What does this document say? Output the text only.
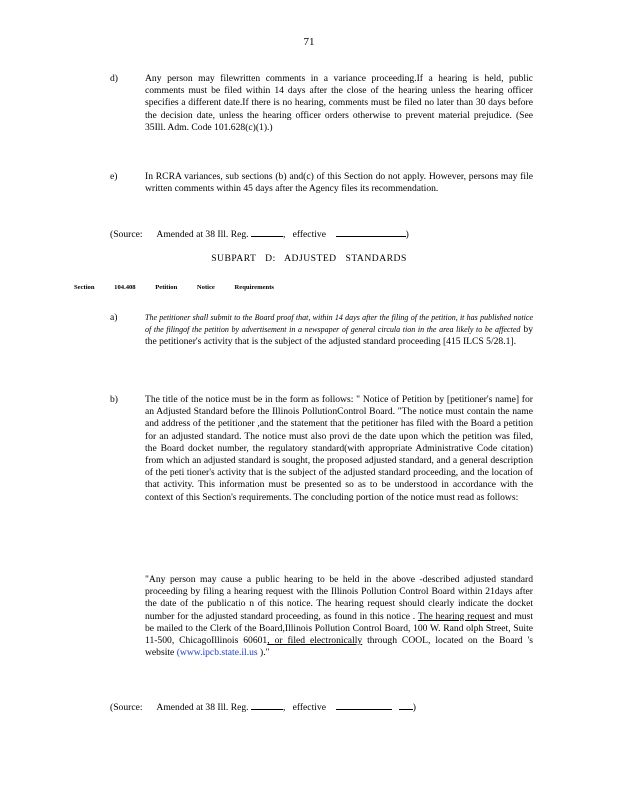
71
d)	Any person may filewritten comments in a variance proceeding.If a hearing is held, public comments must be filed within 14 days after the close of the hearing unless the hearing officer specifies a different date.If there is no hearing, comments must be filed no later than 30 days before the decision date, unless the hearing officer orders otherwise to prevent material prejudice. (See 35Ill. Adm. Code 101.628(c)(1).)
e)	In RCRA variances, sub sections (b) and(c) of this Section do not apply. However, persons may file written comments within 45 days after the Agency files its recommendation.
(Source: Amended at 38 Ill. Reg.	,   effective	)
SUBPART D: ADJUSTED STANDARDS
Section	104.408	Petition	Notice	Requirements
a)	The petitioner shall submit to the Board proof that, within 14 days after the filing of the petition, it has published notice of the filingof the petition by advertisement in a newspaper of general circula tion in the area likely to be affected by the petitioner's activity that is the subject of the adjusted standard proceeding [415 ILCS 5/28.1].
b)	The title of the notice must be in the form as follows: " Notice of Petition by [petitioner's name] for an Adjusted Standard before the Illinois PollutionControl Board. "The notice must contain the name and address of the petitioner ,and the statement that the petitioner has filed with the Board a petition for an adjusted standard. The notice must also provi de the date upon which the petition was filed, the Board docket number, the regulatory standard(with appropriate Administrative Code citation) from which an adjusted standard is sought, the proposed adjusted standard, and a general description of the peti tioner's activity that is the subject of the adjusted standard proceeding, and the location of that activity. This information must be presented so as to be understood in accordance with the context of this Section's requirements. The concluding portion of the notice must read as follows:
"Any person may cause a public hearing to be held in the above -described adjusted standard proceeding by filing a hearing request with the Illinois Pollution Control Board within 21days after the date of the publicatio n of this notice. The hearing request should clearly indicate the docket number for the adjusted standard proceeding, as found in this notice . The hearing request and must be mailed to the Clerk of the Board,Illinois Pollution Control Board, 100 W. Rand olph Street, Suite 11-500, ChicagoIllinois 60601, or filed electronically through COOL, located on the Board 's website (www.ipcb.state.il.us )."
(Source: Amended at 38 Ill. Reg.	,   effective	)
